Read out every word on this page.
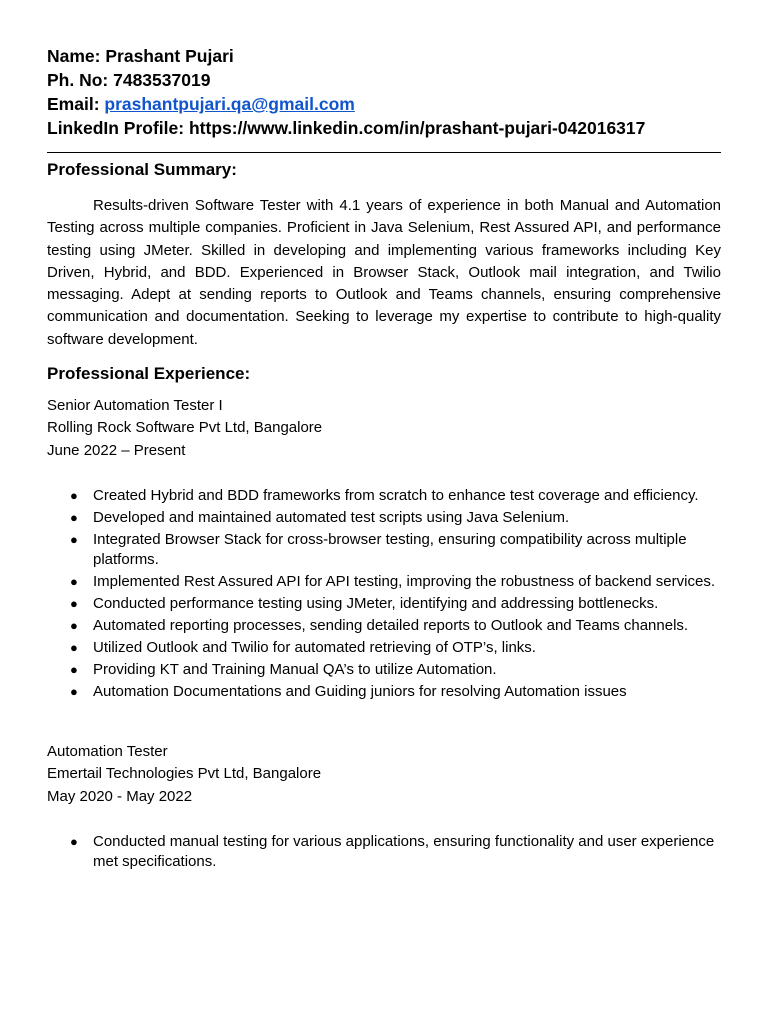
Name: Prashant Pujari
Ph. No: 7483537019
Email: prashantpujari.qa@gmail.com
LinkedIn Profile: https://www.linkedin.com/in/prashant-pujari-042016317
Professional Summary:
Results-driven Software Tester with 4.1 years of experience in both Manual and Automation Testing across multiple companies. Proficient in Java Selenium, Rest Assured API, and performance testing using JMeter. Skilled in developing and implementing various frameworks including Key Driven, Hybrid, and BDD. Experienced in Browser Stack, Outlook mail integration, and Twilio messaging. Adept at sending reports to Outlook and Teams channels, ensuring comprehensive communication and documentation. Seeking to leverage my expertise to contribute to high-quality software development.
Professional Experience:
Senior Automation Tester I
Rolling Rock Software Pvt Ltd, Bangalore
June 2022 – Present
● Created Hybrid and BDD frameworks from scratch to enhance test coverage and efficiency.
● Developed and maintained automated test scripts using Java Selenium.
● Integrated Browser Stack for cross-browser testing, ensuring compatibility across multiple platforms.
● Implemented Rest Assured API for API testing, improving the robustness of backend services.
● Conducted performance testing using JMeter, identifying and addressing bottlenecks.
● Automated reporting processes, sending detailed reports to Outlook and Teams channels.
● Utilized Outlook and Twilio for automated retrieving of OTP’s, links.
● Providing KT and Training Manual QA’s to utilize Automation.
● Automation Documentations and Guiding juniors for resolving Automation issues
Automation Tester
Emertail Technologies Pvt Ltd, Bangalore
May 2020 - May 2022
● Conducted manual testing for various applications, ensuring functionality and user experience met specifications.
